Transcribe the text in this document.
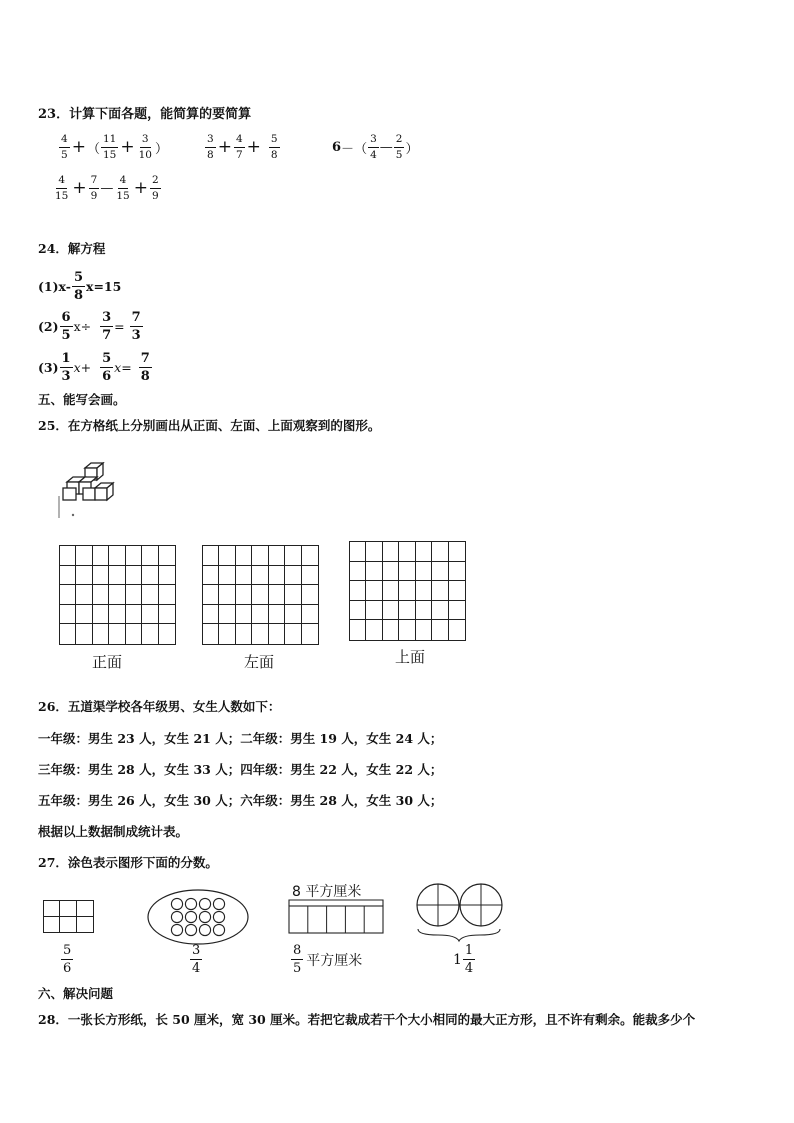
23．计算下面各题，能简算的要简算
$\frac{4}{5}$ + （ $\frac{11}{15} + \frac{3}{10}$ ）	$\frac{3}{8} + \frac{4}{7} + \frac{5}{8}$	6 － （ $\frac{3}{4}$ — $\frac{2}{5}$ ）
$\frac{4}{15} + \frac{7}{9}$ — $\frac{4}{15} + \frac{2}{9}$
24．解方程
$(1)x- \frac{5}{8} x=15$
$(2) \frac{6}{5} x\div \frac{3}{7} = \frac{7}{3}$
$(3) \frac{1}{3}$ $x + \frac{5}{6}$ $x = \frac{7}{8}$
五、能写会画。
25．在方格纸上分别画出从正面、左面、上面观察到的图形。
正面	左面	上面
26．五道渠学校各年级男、女生人数如下：
一年级：男生 23 人，女生 21 人；二年级：男生 19 人，女生 24 人；
三年级：男生 28 人，女生 33 人；四年级：男生 22 人，女生 22 人；
五年级：男生 26 人，女生 30 人；六年级：男生 28 人，女生 30 人；
根据以上数据制成统计表。
27．涂色表示图形下面的分数。
$\frac{5}{6}$	$\frac{3}{4}$
8 平方厘米
$\frac{8}{5}$ 平方厘米	$1 \frac{1}{4}$
六、解决问题
28．一张长方形纸，长 50 厘米，宽 30 厘米。若把它裁成若干个大小相同的最大正方形，且不许有剩余。能裁多少个
